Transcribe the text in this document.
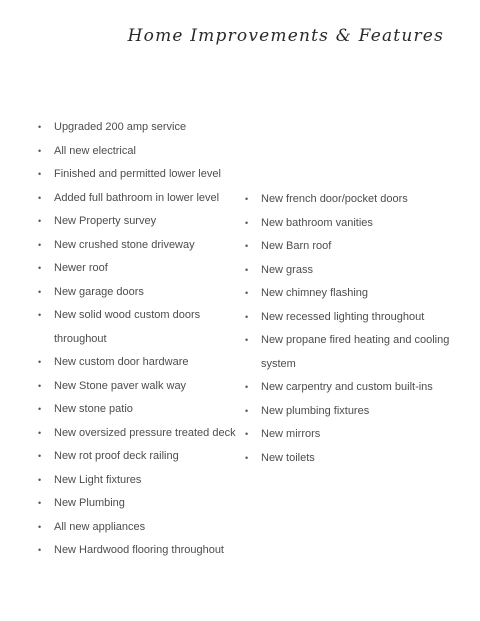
Home Improvements & Features
• Upgraded 200 amp service
• All new electrical
• Finished and permitted lower level
• Added full bathroom in lower level
• New Property survey
• New crushed stone driveway
• Newer roof
• New garage doors
• New solid wood custom doors throughout
• New custom door hardware
• New Stone paver walk way
• New stone patio
• New oversized pressure treated deck
• New rot proof deck railing
• New Light fixtures
• New Plumbing
• All new appliances
• New Hardwood flooring throughout
• New french door/pocket doors
• New bathroom vanities
• New Barn roof
• New grass
• New chimney flashing
• New recessed lighting throughout
• New propane fired heating and cooling system
• New carpentry and custom built-ins
• New plumbing fixtures
• New mirrors
• New toilets
